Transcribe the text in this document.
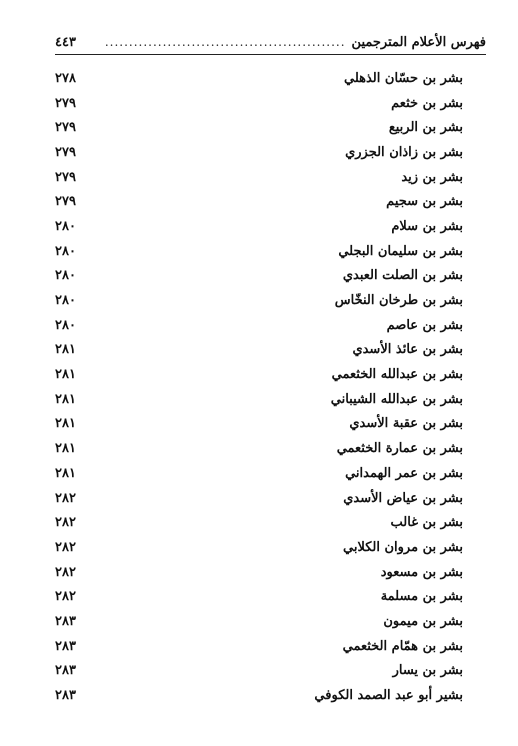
فهرس الأعلام المترجمين
..................................................
٤٤٣
بشر بن حسّان الذهلي
٢٧٨
بشر بن خثعم
٢٧٩
بشر بن الربيع
٢٧٩
بشر بن زاذان الجزري
٢٧٩
بشر بن زيد
٢٧٩
بشر بن سجيم
٢٧٩
بشر بن سلام
٢٨٠
بشر بن سليمان البجلي
٢٨٠
بشر بن الصلت العبدي
٢٨٠
بشر بن طرخان النخّاس
٢٨٠
بشر بن عاصم
٢٨٠
بشر بن عائذ الأسدي
٢٨١
بشر بن عبدالله الخثعمي
٢٨١
بشر بن عبدالله الشيباني
٢٨١
بشر بن عقبة الأسدي
٢٨١
بشر بن عمارة الخثعمي
٢٨١
بشر بن عمر الهمداني
٢٨١
بشر بن عياض الأسدي
٢٨٢
بشر بن غالب
٢٨٢
بشر بن مروان الكلابي
٢٨٢
بشر بن مسعود
٢٨٢
بشر بن مسلمة
٢٨٢
بشر بن ميمون
٢٨٣
بشر بن همّام الخثعمي
٢٨٣
بشر بن يسار
٢٨٣
بشير أبو عبد الصمد الكوفي
٢٨٣
